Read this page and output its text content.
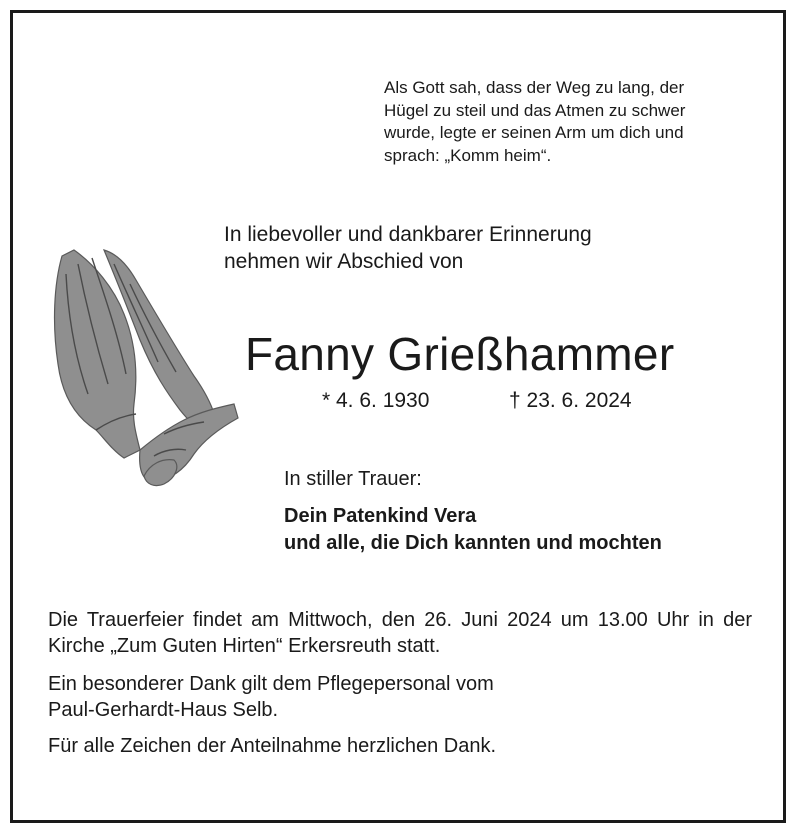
Als Gott sah, dass der Weg zu lang, der
Hügel zu steil und das Atmen zu schwer
wurde, legte er seinen Arm um dich und
sprach: „Komm heim“.
In liebevoller und dankbarer Erinnerung
nehmen wir Abschied von
Fanny Grießhammer
* 4. 6. 1930	† 23. 6. 2024
In stiller Trauer:
Dein Patenkind Vera
und alle, die Dich kannten und mochten
Die Trauerfeier findet am Mittwoch, den 26. Juni 2024 um 13.00 Uhr in der Kirche „Zum Guten Hirten“ Erkersreuth statt.
Ein besonderer Dank gilt dem Pflegepersonal vom
Paul-Gerhardt-Haus Selb.
Für alle Zeichen der Anteilnahme herzlichen Dank.
